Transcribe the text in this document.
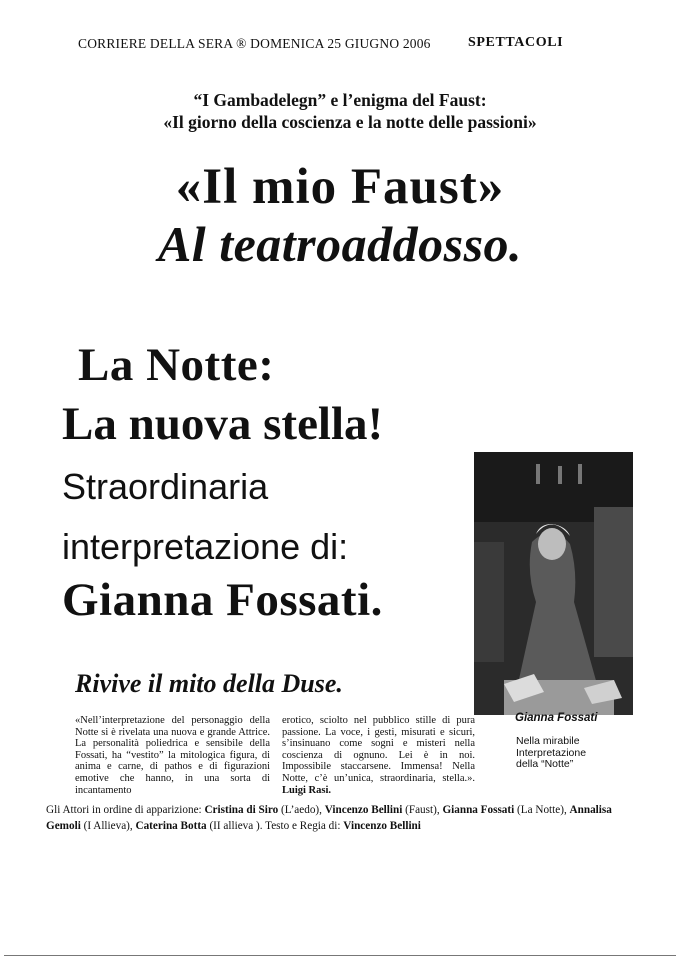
CORRIERE DELLA SERA ® DOMENICA 25 GIUGNO 2006	SPETTACOLI

“I Gambadelegn” e l’enigma del Faust:

«Il giorno della coscienza e la notte delle passioni»

«Il mio Faust»

Al teatroaddosso.

La Notte:

La nuova stella!

Straordinaria

interpretazione di:

Gianna Fossati.

Gianna Fossati

Nella mirabile
Interpretazione
della “Notte”

Rivive il mito della Duse.

«Nell’interpretazione del personaggio della Notte si è rivelata una nuova e grande Attrice. La personalità poliedrica e sensibile della Fossati, ha “vestito” la mitologica figura, di anima e carne, di pathos e di figurazioni emotive che hanno, in una sorta di incantamento

erotico, sciolto nel pubblico stille di pura passione. La voce, i gesti, misurati e sicuri, s’insinuano come sogni e misteri nella coscienza di ognuno. Lei è in noi. Impossibile staccarsene. Immensa! Nella Notte, c’è un’unica, straordinaria, stella.». Luigi Rasi.

Gli Attori in ordine di apparizione: Cristina di Siro (L’aedo), Vincenzo Bellini (Faust), Gianna Fossati (La Notte), Annalisa Gemoli (I Allieva), Caterina Botta (II allieva ). Testo e Regia di: Vincenzo Bellini
